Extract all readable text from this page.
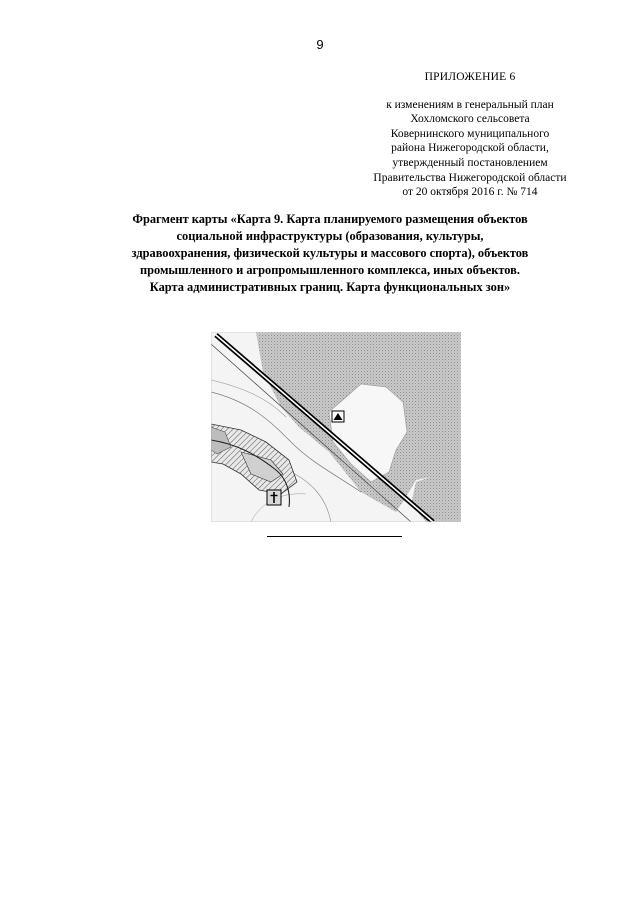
9
ПРИЛОЖЕНИЕ 6
к изменениям в генеральный план
Хохломского сельсовета
Ковернинского муниципального
района Нижегородской области,
утвержденный постановлением
Правительства Нижегородской области
от 20 октября 2016 г. № 714
Фрагмент карты «Карта 9. Карта планируемого размещения объектов
социальной инфраструктуры (образования, культуры,
здравоохранения, физической культуры и массового спорта), объектов
промышленного и агропромышленного комплекса, иных объектов.
Карта административных границ. Карта функциональных зон»
